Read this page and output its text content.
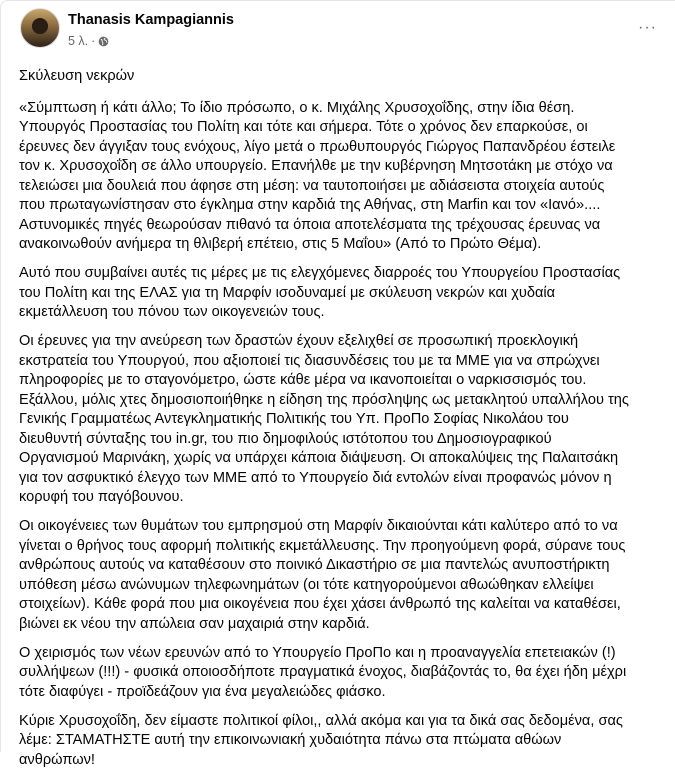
Thanasis Kampagiannis
5 λ. ·
···

Σκύλευση νεκρών

«Σύμπτωση ή κάτι άλλο; Το ίδιο πρόσωπο, ο κ. Μιχάλης Χρυσοχοΐδης, στην ίδια θέση.
Υπουργός Προστασίας του Πολίτη και τότε και σήμερα. Τότε ο χρόνος δεν επαρκούσε, οι
έρευνες δεν άγγιξαν τους ενόχους, λίγο μετά ο πρωθυπουργός Γιώργος Παπανδρέου έστειλε
τον κ. Χρυσοχοΐδη σε άλλο υπουργείο. Επανήλθε με την κυβέρνηση Μητσοτάκη με στόχο να
τελειώσει μια δουλειά που άφησε στη μέση: να ταυτοποιήσει με αδιάσειστα στοιχεία αυτούς
που πρωταγωνίστησαν στο έγκλημα στην καρδιά της Αθήνας, στη Marfin και τον «Ιανό»....
Αστυνομικές πηγές θεωρούσαν πιθανό τα όποια αποτελέσματα της τρέχουσας έρευνας να
ανακοινωθούν ανήμερα τη θλιβερή επέτειο, στις 5 Μαΐου» (Από το Πρώτο Θέμα).

Αυτό που συμβαίνει αυτές τις μέρες με τις ελεγχόμενες διαρροές του Υπουργείου Προστασίας
του Πολίτη και της ΕΛΑΣ για τη Μαρφίν ισοδυναμεί με σκύλευση νεκρών και χυδαία
εκμετάλλευση του πόνου των οικογενειών τους.

Οι έρευνες για την ανεύρεση των δραστών έχουν εξελιχθεί σε προσωπική προεκλογική
εκστρατεία του Υπουργού, που αξιοποιεί τις διασυνδέσεις του με τα ΜΜΕ για να σπρώχνει
πληροφορίες με το σταγονόμετρο, ώστε κάθε μέρα να ικανοποιείται ο ναρκισσισμός του.
Εξάλλου, μόλις χτες δημοσιοποιήθηκε η είδηση της πρόσληψης ως μετακλητού υπαλλήλου της
Γενικής Γραμματέως Αντεγκληματικής Πολιτικής του Υπ. ΠροΠο Σοφίας Νικολάου του
διευθυντή σύνταξης του in.gr, του πιο δημοφιλούς ιστότοπου του Δημοσιογραφικού
Οργανισμού Μαρινάκη, χωρίς να υπάρχει κάποια διάψευση. Οι αποκαλύψεις της Παλαιτσάκη
για τον ασφυκτικό έλεγχο των ΜΜΕ από το Υπουργείο διά εντολών είναι προφανώς μόνον η
κορυφή του παγόβουνου.

Οι οικογένειες των θυμάτων του εμπρησμού στη Μαρφίν δικαιούνται κάτι καλύτερο από το να
γίνεται ο θρήνος τους αφορμή πολιτικής εκμετάλλευσης. Την προηγούμενη φορά, σύρανε τους
ανθρώπους αυτούς να καταθέσουν στο ποινικό Δικαστήριο σε μια παντελώς ανυποστήρικτη
υπόθεση μέσω ανώνυμων τηλεφωνημάτων (οι τότε κατηγορούμενοι αθωώθηκαν ελλείψει
στοιχείων). Κάθε φορά που μια οικογένεια που έχει χάσει άνθρωπό της καλείται να καταθέσει,
βιώνει εκ νέου την απώλεια σαν μαχαιριά στην καρδιά.

Ο χειρισμός των νέων ερευνών από το Υπουργείο ΠροΠο και η προαναγγελία επετειακών (!)
συλλήψεων (!!!) - φυσικά οποιοσδήποτε πραγματικά ένοχος, διαβάζοντάς το, θα έχει ήδη μέχρι
τότε διαφύγει - προϊδεάζουν για ένα μεγαλειώδες φιάσκο.

Κύριε Χρυσοχοΐδη, δεν είμαστε πολιτικοί φίλοι,, αλλά ακόμα και για τα δικά σας δεδομένα, σας
λέμε: ΣΤΑΜΑΤΗΣΤΕ αυτή την επικοινωνιακή χυδαιότητα πάνω στα πτώματα αθώων
ανθρώπων!
